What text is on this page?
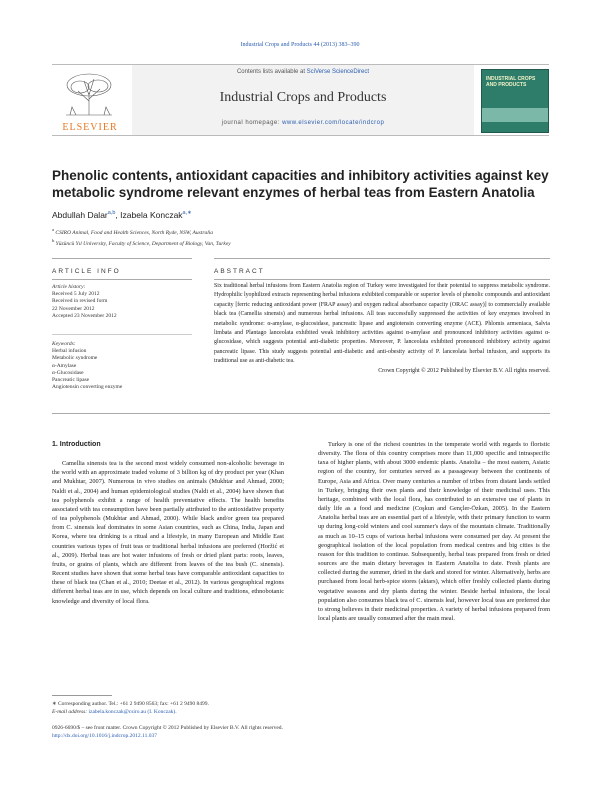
Industrial Crops and Products 44 (2013) 383–390
ELSEVIER
Contents lists available at SciVerse ScienceDirect
Industrial Crops and Products
journal homepage: www.elsevier.com/locate/indcrop
INDUSTRIAL CROPS AND PRODUCTS
Phenolic contents, antioxidant capacities and inhibitory activities against key metabolic syndrome relevant enzymes of herbal teas from Eastern Anatolia
Abdullah Dalar$^{a,b}$, Izabela Konczak$^{a,∗}$
$^a$ CSIRO Animal, Food and Health Sciences, North Ryde, NSW, Australia
$^b$ Yüzüncü Yıl University, Faculty of Science, Department of Biology, Van, Turkey
ARTICLE INFO	ABSTRACT
Article history:
Received 5 July 2012
Received in revised form
22 November 2012
Accepted 23 November 2012
Keywords:
Herbal infusion
Metabolic syndrome
α-Amylase
α-Glucosidase
Pancreatic lipase
Angiotensin converting enzyme
Six traditional herbal infusions from Eastern Anatolia region of Turkey were investigated for their potential to suppress metabolic syndrome. Hydrophilic lyophilized extracts representing herbal infusions exhibited comparable or superior levels of phenolic compounds and antioxidant capacity [ferric reducing antioxidant power (FRAP assay) and oxygen radical absorbance capacity (ORAC assay)] to commercially available black tea (Camellia sinensis) and numerous herbal infusions. All teas successfully suppressed the activities of key enzymes involved in metabolic syndrome: α-amylase, α-glucosidase, pancreatic lipase and angiotensin converting enzyme (ACE). Phlomis armeniaca, Salvia limbata and Plantago lanceolata exhibited weak inhibitory activities against α-amylase and pronounced inhibitory activities against α-glucosidase, which suggests potential anti-diabetic properties. Moreover, P. lanceolata exhibited pronounced inhibitory activity against pancreatic lipase. This study suggests potential anti-diabetic and anti-obesity activity of P. lanceolata herbal infusion, and supports its traditional use as anti-diabetic tea.
Crown Copyright © 2012 Published by Elsevier B.V. All rights reserved.
1. Introduction

Camellia sinensis tea is the second most widely consumed non-alcoholic beverage in the world with an approximate traded volume of 3 billion kg of dry product per year (Khan and Mukhtar, 2007). Numerous in vivo studies on animals (Mukhtar and Ahmad, 2000; Naldi et al., 2004) and human epidemiological studies (Naldi et al., 2004) have shown that tea polyphenols exhibit a range of health preventative effects. The health benefits associated with tea consumption have been partially attributed to the antioxidative property of tea polyphenols (Mukhtar and Ahmad, 2000). While black and/or green tea prepared from C. sinensis leaf dominates in some Asian countries, such as China, India, Japan and Korea, where tea drinking is a ritual and a lifestyle, in many European and Middle East countries various types of fruit teas or traditional herbal infusions are preferred (Horžić et al., 2009). Herbal teas are hot water infusions of fresh or dried plant parts: roots, leaves, fruits, or grains of plants, which are different from leaves of the tea bush (C. sinensis). Recent studies have shown that some herbal teas have comparable antioxidant capacities to these of black tea (Chan et al., 2010; Deetae et al., 2012). In various geographical regions different herbal teas are in use, which depends on local culture and traditions, ethnobotanic knowledge and diversity of local flora.

Turkey is one of the richest countries in the temperate world with regards to floristic diversity. The flora of this country comprises more than 11,000 specific and intraspecific taxa of higher plants, with about 3000 endemic plants. Anatolia – the most eastern, Asiatic region of the country, for centuries served as a passageway between the continents of Europe, Asia and Africa. Over many centuries a number of tribes from distant lands settled in Turkey, bringing their own plants and their knowledge of their medicinal uses. This heritage, combined with the local flora, has contributed to an extensive use of plants in daily life as a food and medicine (Coşkun and Gençler-Özkan, 2005). In the Eastern Anatolia herbal teas are an essential part of a lifestyle, with their primary function to warm up during long-cold winters and cool summer's days of the mountain climate. Traditionally as much as 10–15 cups of various herbal infusions were consumed per day. At present the geographical isolation of the local population from medical centres and big cities is the reason for this tradition to continue. Subsequently, herbal teas prepared from fresh or dried sources are the main dietary beverages in Eastern Anatolia to date. Fresh plants are collected during the summer, dried in the dark and stored for winter. Alternatively, herbs are purchased from local herb-spice stores (aktars), which offer freshly collected plants during vegetative seasons and dry plants during the winter. Beside herbal infusions, the local population also consumes black tea of C. sinensis leaf, however local teas are preferred due to strong believes in their medicinal properties. A variety of herbal infusions prepared from local plants are usually consumed after the main meal.

∗ Corresponding author. Tel.: +61 2 9490 8563; fax: +61 2 9490 8499.
E-mail address: izabela.konczak@csiro.au (I. Konczak).
0926-6690/$ – see front matter. Crown Copyright © 2012 Published by Elsevier B.V. All rights reserved.
http://dx.doi.org/10.1016/j.indcrop.2012.11.037
